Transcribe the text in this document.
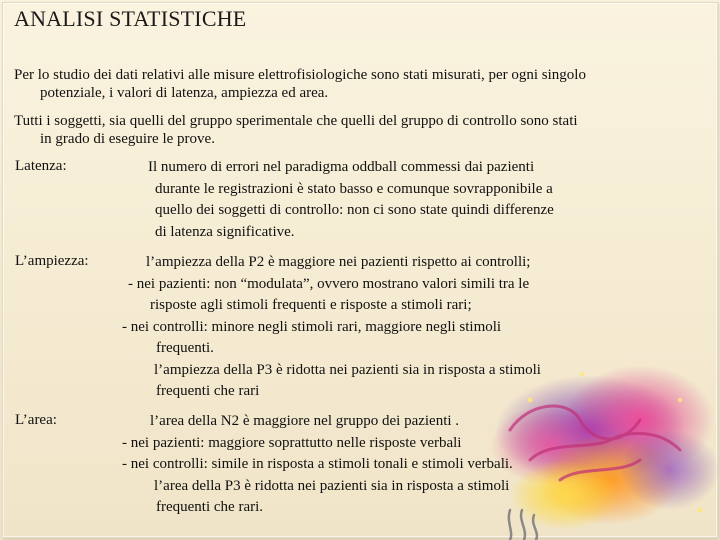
ANALISI STATISTICHE

Per lo studio dei dati relativi alle misure elettrofisiologiche sono stati misurati, per ogni singolo
potenziale, i valori di latenza, ampiezza ed area.

Tutti i soggetti, sia quelli del gruppo sperimentale che quelli del gruppo di controllo sono stati
in grado di eseguire le prove.

Latenza:	Il numero di errori nel paradigma oddball commessi dai pazienti
durante le registrazioni è stato basso e comunque sovrapponibile a
quello dei soggetti di controllo: non ci sono state quindi differenze
di latenza significative.
L’ampiezza:	l’ampiezza della P2 è maggiore nei pazienti rispetto ai controlli;
- nei pazienti: non “modulata”, ovvero mostrano valori simili tra le
risposte agli stimoli frequenti e risposte a stimoli rari;
- nei controlli: minore negli stimoli rari, maggiore negli stimoli
frequenti.
l’ampiezza della P3 è ridotta nei pazienti sia in risposta a stimoli
frequenti che rari
L’area:	l’area della N2 è maggiore nel gruppo dei pazienti .
- nei pazienti: maggiore soprattutto nelle risposte verbali
- nei controlli: simile in risposta a stimoli tonali e stimoli verbali.
l’area della P3 è ridotta nei pazienti sia in risposta a stimoli
frequenti che rari.
